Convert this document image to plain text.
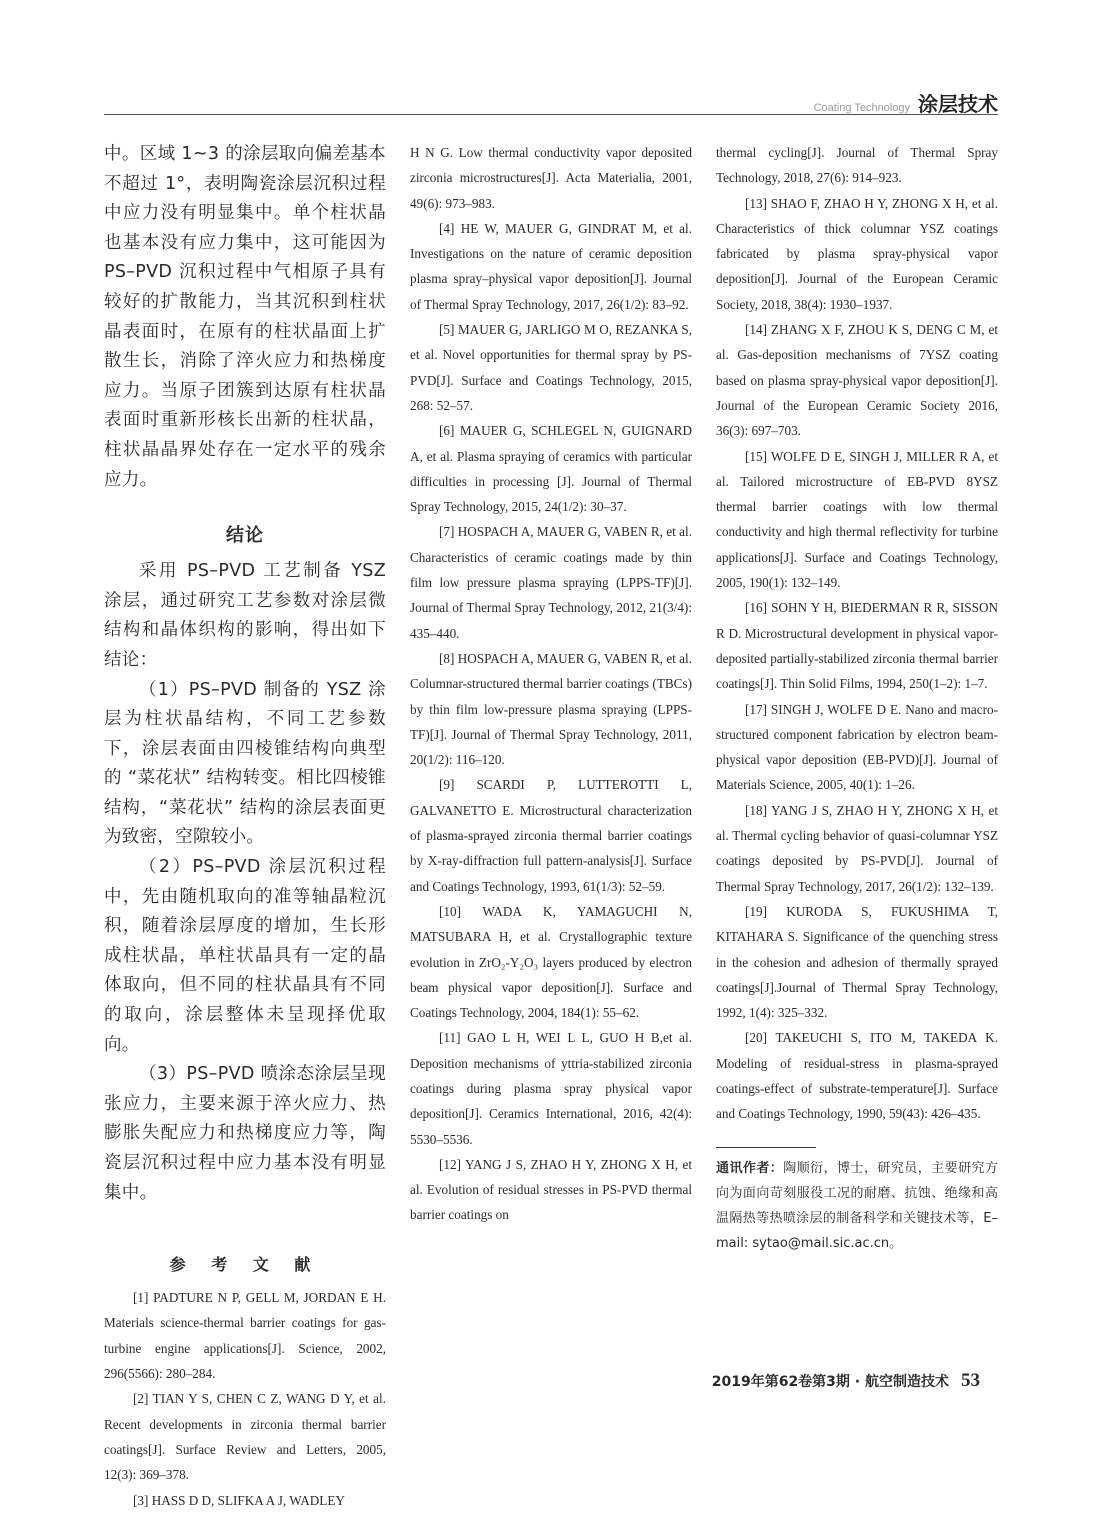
Coating Technology 涂层技术

中。区域 1~3 的涂层取向偏差基本不超过 1°，表明陶瓷涂层沉积过程中应力没有明显集中。单个柱状晶也基本没有应力集中，这可能因为 PS–PVD 沉积过程中气相原子具有较好的扩散能力，当其沉积到柱状晶表面时，在原有的柱状晶面上扩散生长，消除了淬火应力和热梯度应力。当原子团簇到达原有柱状晶表面时重新形核长出新的柱状晶，柱状晶晶界处存在一定水平的残余应力。

结论

采用 PS–PVD 工艺制备 YSZ 涂层，通过研究工艺参数对涂层微结构和晶体织构的影响，得出如下结论：

（1）PS–PVD 制备的 YSZ 涂层为柱状晶结构，不同工艺参数下，涂层表面由四棱锥结构向典型的 “菜花状” 结构转变。相比四棱锥结构，“菜花状” 结构的涂层表面更为致密，空隙较小。

（2）PS–PVD 涂层沉积过程中，先由随机取向的准等轴晶粒沉积，随着涂层厚度的增加，生长形成柱状晶，单柱状晶具有一定的晶体取向，但不同的柱状晶具有不同的取向，涂层整体未呈现择优取向。

（3）PS–PVD 喷涂态涂层呈现张应力，主要来源于淬火应力、热膨胀失配应力和热梯度应力等，陶瓷层沉积过程中应力基本没有明显集中。

参 考 文 献

[1] PADTURE N P, GELL M, JORDAN E H. Materials science-thermal barrier coatings for gas-turbine engine applications[J]. Science, 2002, 296(5566): 280–284.

[2] TIAN Y S, CHEN C Z, WANG D Y, et al. Recent developments in zirconia thermal barrier coatings[J]. Surface Review and Letters, 2005, 12(3): 369–378.

[3] HASS D D, SLIFKA A J, WADLEY

H N G. Low thermal conductivity vapor deposited zirconia microstructures[J]. Acta Materialia, 2001, 49(6): 973–983.

[4] HE W, MAUER G, GINDRAT M, et al. Investigations on the nature of ceramic deposition plasma spray–physical vapor deposition[J]. Journal of Thermal Spray Technology, 2017, 26(1/2): 83–92.

[5] MAUER G, JARLIGO M O, REZANKA S, et al. Novel opportunities for thermal spray by PS-PVD[J]. Surface and Coatings Technology, 2015, 268: 52–57.

[6] MAUER G, SCHLEGEL N, GUIGNARD A, et al. Plasma spraying of ceramics with particular difficulties in processing [J]. Journal of Thermal Spray Technology, 2015, 24(1/2): 30–37.

[7] HOSPACH A, MAUER G, VABEN R, et al. Characteristics of ceramic coatings made by thin film low pressure plasma spraying (LPPS-TF)[J]. Journal of Thermal Spray Technology, 2012, 21(3/4): 435–440.

[8] HOSPACH A, MAUER G, VABEN R, et al. Columnar-structured thermal barrier coatings (TBCs) by thin film low-pressure plasma spraying (LPPS-TF)[J]. Journal of Thermal Spray Technology, 2011, 20(1/2): 116–120.

[9] SCARDI P, LUTTEROTTI L, GALVANETTO E. Microstructural characterization of plasma-sprayed zirconia thermal barrier coatings by X-ray-diffraction full pattern-analysis[J]. Surface and Coatings Technology, 1993, 61(1/3): 52–59.

[10] WADA K, YAMAGUCHI N, MATSUBARA H, et al. Crystallographic texture evolution in ZrO₂-Y₂O₃ layers produced by electron beam physical vapor deposition[J]. Surface and Coatings Technology, 2004, 184(1): 55–62.

[11] GAO L H, WEI L L, GUO H B,et al. Deposition mechanisms of yttria-stabilized zirconia coatings during plasma spray physical vapor deposition[J]. Ceramics International, 2016, 42(4): 5530–5536.

[12] YANG J S, ZHAO H Y, ZHONG X H, et al. Evolution of residual stresses in PS-PVD thermal barrier coatings on

thermal cycling[J]. Journal of Thermal Spray Technology, 2018, 27(6): 914–923.

[13] SHAO F, ZHAO H Y, ZHONG X H, et al. Characteristics of thick columnar YSZ coatings fabricated by plasma spray-physical vapor deposition[J]. Journal of the European Ceramic Society, 2018, 38(4): 1930–1937.

[14] ZHANG X F, ZHOU K S, DENG C M, et al. Gas-deposition mechanisms of 7YSZ coating based on plasma spray-physical vapor deposition[J]. Journal of the European Ceramic Society 2016, 36(3): 697–703.

[15] WOLFE D E, SINGH J, MILLER R A, et al. Tailored microstructure of EB-PVD 8YSZ thermal barrier coatings with low thermal conductivity and high thermal reflectivity for turbine applications[J]. Surface and Coatings Technology, 2005, 190(1): 132–149.

[16] SOHN Y H, BIEDERMAN R R, SISSON R D. Microstructural development in physical vapor-deposited partially-stabilized zirconia thermal barrier coatings[J]. Thin Solid Films, 1994, 250(1–2): 1–7.

[17] SINGH J, WOLFE D E. Nano and macro-structured component fabrication by electron beam-physical vapor deposition (EB-PVD)[J]. Journal of Materials Science, 2005, 40(1): 1–26.

[18] YANG J S, ZHAO H Y, ZHONG X H, et al. Thermal cycling behavior of quasi-columnar YSZ coatings deposited by PS-PVD[J]. Journal of Thermal Spray Technology, 2017, 26(1/2): 132–139.

[19] KURODA S, FUKUSHIMA T, KITAHARA S. Significance of the quenching stress in the cohesion and adhesion of thermally sprayed coatings[J].Journal of Thermal Spray Technology, 1992, 1(4): 325–332.

[20] TAKEUCHI S, ITO M, TAKEDA K. Modeling of residual-stress in plasma-sprayed coatings-effect of substrate-temperature[J]. Surface and Coatings Technology, 1990, 59(43): 426–435.

通讯作者：陶顺衍，博士，研究员，主要研究方向为面向苛刻服役工况的耐磨、抗蚀、绝缘和高温隔热等热喷涂层的制备科学和关键技术等，E–mail: sytao@mail.sic.ac.cn。

2019年第62卷第3期 · 航空制造技术 53
